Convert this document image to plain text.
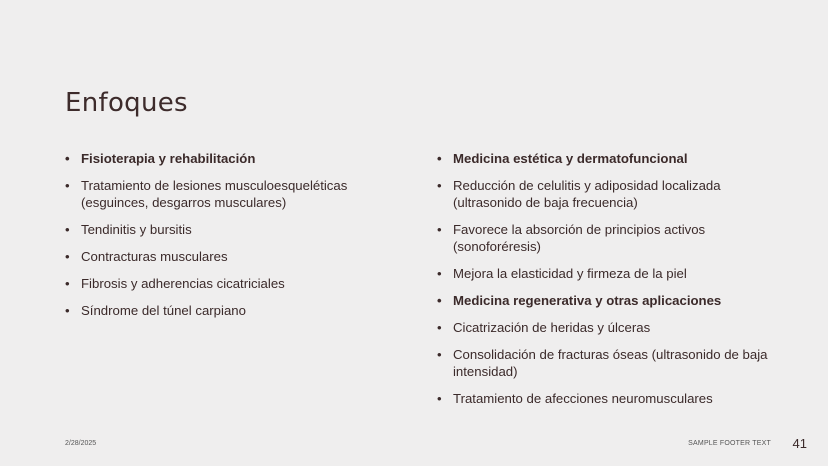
Enfoques
• Fisioterapia y rehabilitación
• Tratamiento de lesiones musculoesqueléticas (esguinces, desgarros musculares)
• Tendinitis y bursitis
• Contracturas musculares
• Fibrosis y adherencias cicatriciales
• Síndrome del túnel carpiano
• Medicina estética y dermatofuncional
• Reducción de celulitis y adiposidad localizada (ultrasonido de baja frecuencia)
• Favorece la absorción de principios activos (sonoforéresis)
• Mejora la elasticidad y firmeza de la piel
• Medicina regenerativa y otras aplicaciones
• Cicatrización de heridas y úlceras
• Consolidación de fracturas óseas (ultrasonido de baja intensidad)
• Tratamiento de afecciones neuromusculares
2/28/2025	SAMPLE FOOTER TEXT 41
